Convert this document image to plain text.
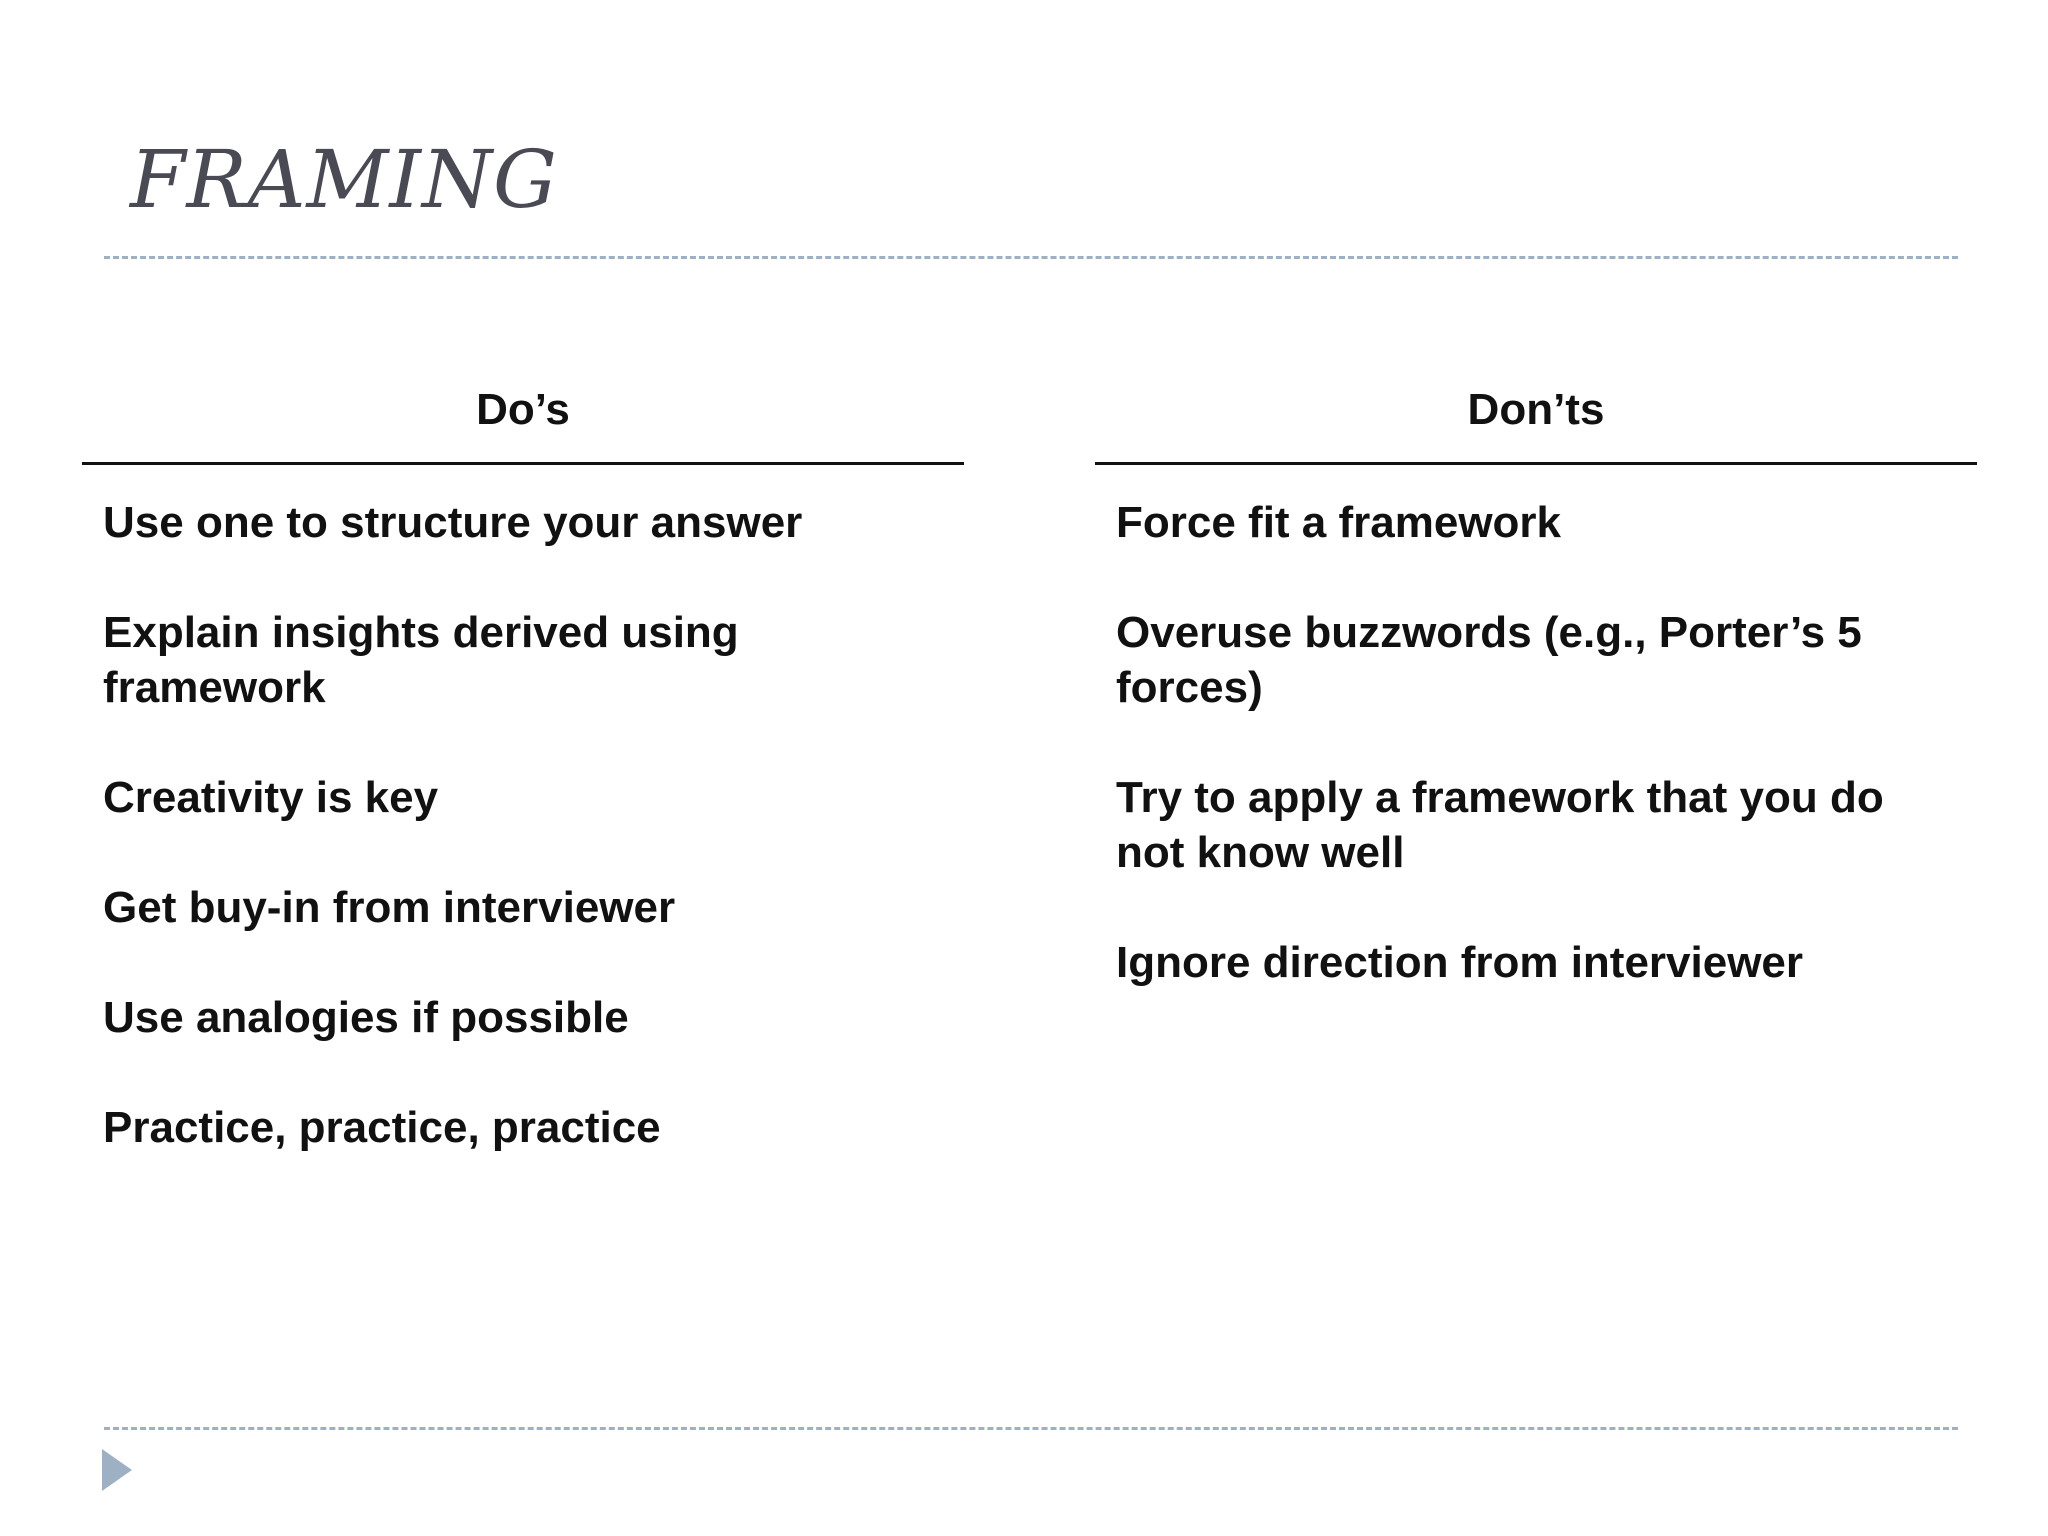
FRAMING
Do’s
Use one to structure your answer
Explain insights derived using framework
Creativity is key
Get buy-in from interviewer
Use analogies if possible
Practice, practice, practice
Don’ts
Force fit a framework
Overuse buzzwords (e.g., Porter’s 5 forces)
Try to apply a framework that you do not know well
Ignore direction from interviewer
